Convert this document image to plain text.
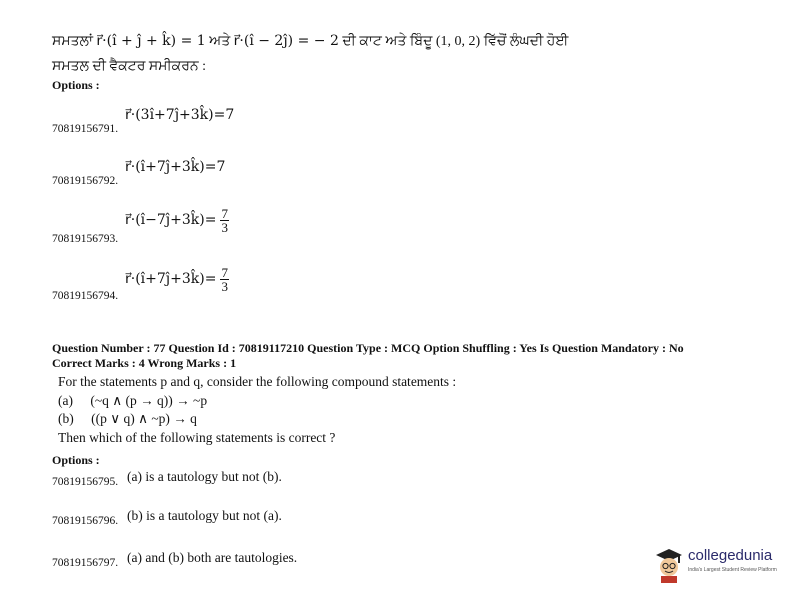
ਸਮਤਲਾਂ r⃗·(î + ĵ + k̂) = 1 ਅਤੇ r⃗·(î − 2ĵ) = − 2 ਦੀ ਕਾਟ ਅਤੇ ਬਿੰਦੂ (1, 0, 2) ਵਿੱਚੋਂ ਲੰਘਦੀ ਹੋਈ
ਸਮਤਲ ਦੀ ਵੈਕਟਰ ਸਮੀਕਰਨ :
Options :
r⃗·(3î+7ĵ+3k̂)=7
70819156791.
r⃗·(î+7ĵ+3k̂)=7
70819156792.
r⃗·(î−7ĵ+3k̂)= $\frac{7}{3}$
70819156793.
r⃗·(î+7ĵ+3k̂)= $\frac{7}{3}$
70819156794.
Question Number : 77 Question Id : 70819117210 Question Type : MCQ Option Shuffling : Yes Is Question Mandatory : No
Correct Marks : 4 Wrong Marks : 1
For the statements p and q, consider the following compound statements :
(a) (~q ∧ (p → q)) → ~p
(b) ((p ∨ q) ∧ ~p) → q
Then which of the following statements is correct ?
Options :
70819156795. (a) is a tautology but not (b).
70819156796. (b) is a tautology but not (a).
70819156797. (a) and (b) both are tautologies.	collegedunia
India's Largest Student Review Platform
